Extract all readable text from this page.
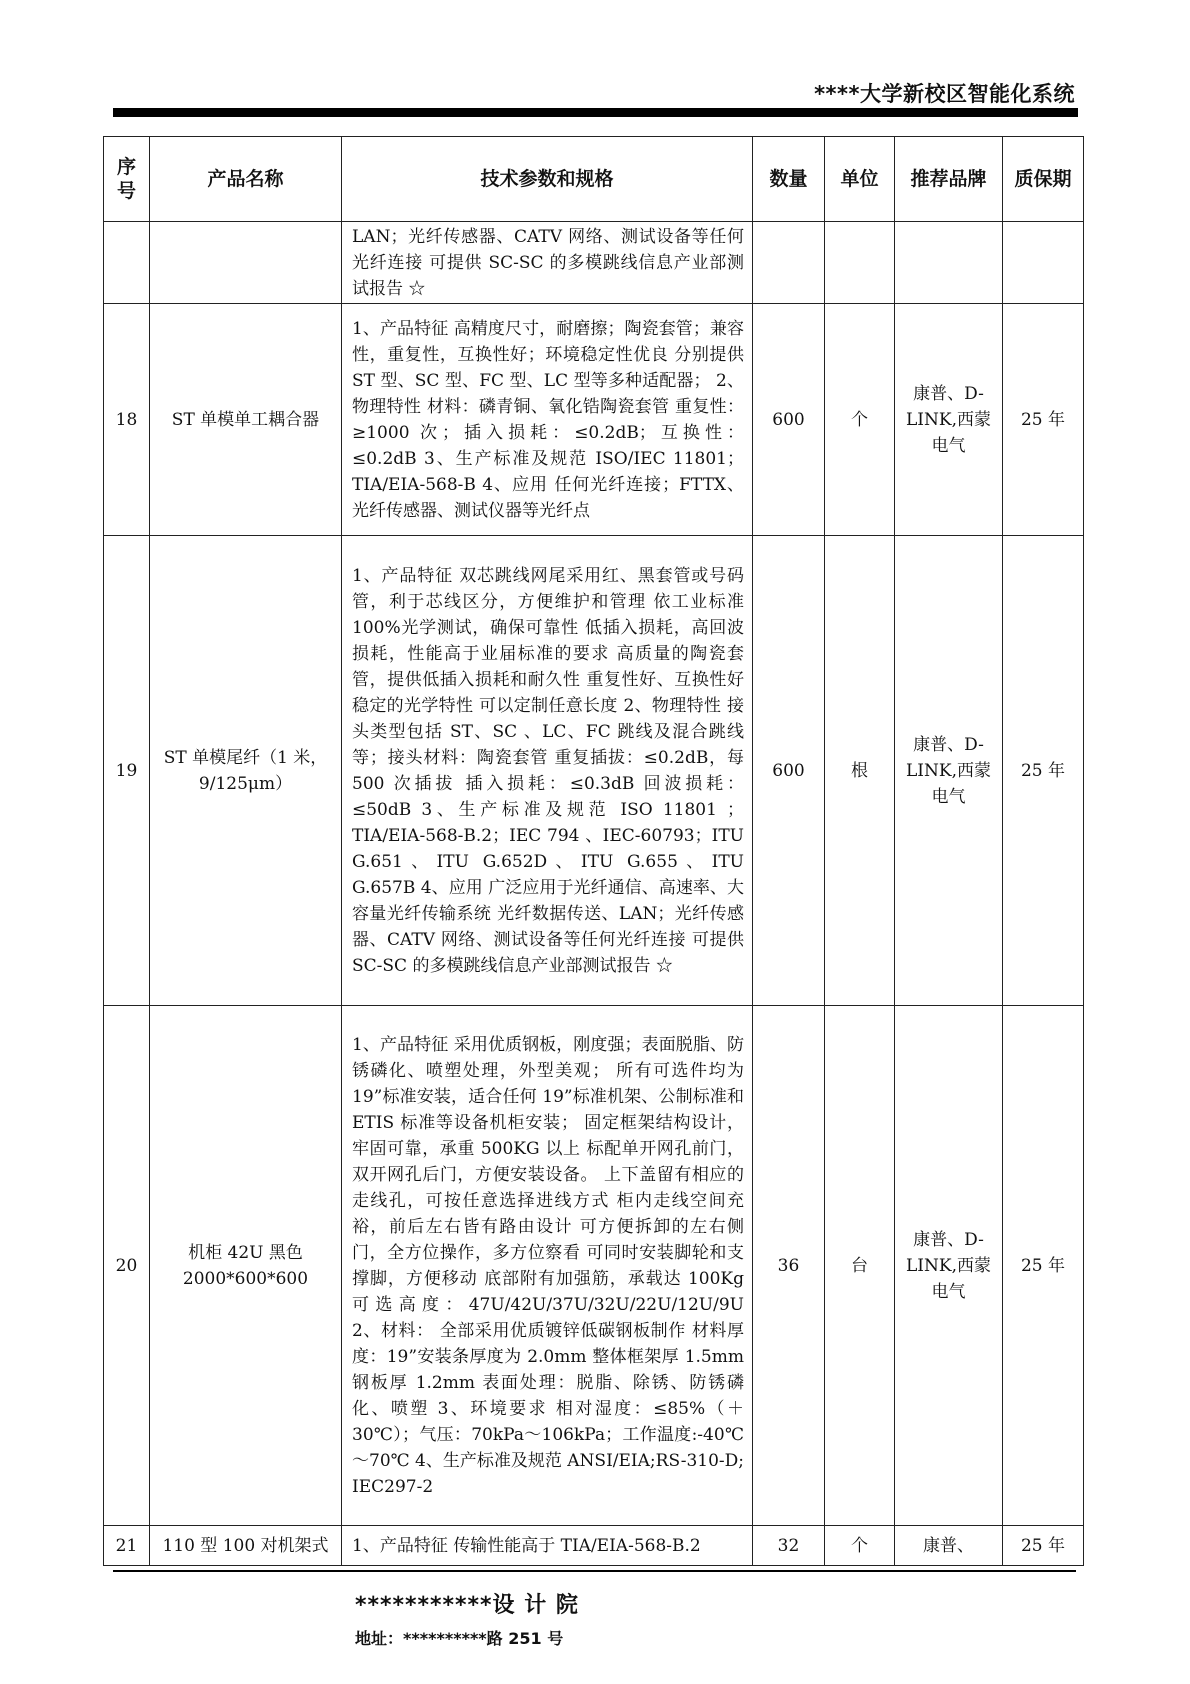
****大学新校区智能化系统
序
号	产品名称	技术参数和规格	数量	单位	推荐品牌	质保期
		LAN；光纤传感器、CATV 网络、测试设备等任何光纤连接 可提供 SC-SC 的多模跳线信息产业部测试报告 ☆				
18	ST 单模单工耦合器	1、产品特征 高精度尺寸，耐磨擦；陶瓷套管；兼容性，重复性，互换性好；环境稳定性优良 分别提供 ST 型、SC 型、FC 型、LC 型等多种适配器； 2、物理特性 材料：磷青铜、氧化锆陶瓷套管 重复性：≥1000 次；插入损耗：≤0.2dB；互换性：≤0.2dB 3、生产标准及规范 ISO/IEC 11801；TIA/EIA-568-B 4、应用 任何光纤连接；FTTX、光纤传感器、测试仪器等光纤点	600	个	康普、D-LINK,西蒙电气	25 年
19	ST 单模尾纤（1 米，9/125μm）	1、产品特征 双芯跳线网尾采用红、黑套管或号码管，利于芯线区分，方便维护和管理 依工业标准 100%光学测试，确保可靠性 低插入损耗，高回波损耗，性能高于业届标准的要求 高质量的陶瓷套管，提供低插入损耗和耐久性 重复性好、互换性好 稳定的光学特性 可以定制任意长度 2、物理特性 接头类型包括 ST、SC 、LC、FC 跳线及混合跳线等；接头材料：陶瓷套管 重复插拔：≤0.2dB，每 500 次插拔 插入损耗：≤0.3dB 回波损耗：≤50dB 3、生产标准及规范 ISO 11801 ；TIA/EIA-568-B.2；IEC 794 、IEC-60793；ITU G.651、ITU G.652D、ITU G.655、ITU G.657B 4、应用 广泛应用于光纤通信、高速率、大容量光纤传输系统 光纤数据传送、LAN；光纤传感器、CATV 网络、测试设备等任何光纤连接 可提供 SC-SC 的多模跳线信息产业部测试报告 ☆	600	根	康普、D-LINK,西蒙电气	25 年
20	机柜 42U 黑色 2000*600*600	1、产品特征 采用优质钢板，刚度强；表面脱脂、防锈磷化、喷塑处理，外型美观； 所有可选件均为 19”标准安装，适合任何 19”标准机架、公制标准和 ETIS 标准等设备机柜安装； 固定框架结构设计，牢固可靠，承重 500KG 以上 标配单开网孔前门，双开网孔后门，方便安装设备。 上下盖留有相应的走线孔，可按任意选择进线方式 柜内走线空间充裕，前后左右皆有路由设计 可方便拆卸的左右侧门，全方位操作，多方位察看 可同时安装脚轮和支撑脚，方便移动 底部附有加强筋，承载达 100Kg 可选高度：47U/42U/37U/32U/22U/12U/9U 2、材料： 全部采用优质镀锌低碳钢板制作 材料厚度：19”安装条厚度为 2.0mm 整体框架厚 1.5mm 钢板厚 1.2mm 表面处理：脱脂、除锈、防锈磷化、喷塑 3、环境要求 相对湿度：≤85%（＋30℃）；气压：70kPa～106kPa；工作温度:-40℃～70℃ 4、生产标准及规范 ANSI/EIA;RS-310-D; IEC297-2	36	台	康普、D-LINK,西蒙电气	25 年
21	110 型 100 对机架式	1、产品特征 传输性能高于 TIA/EIA-568-B.2	32	个	康普、	25 年
***********设 计 院
地址：**********路 251 号
